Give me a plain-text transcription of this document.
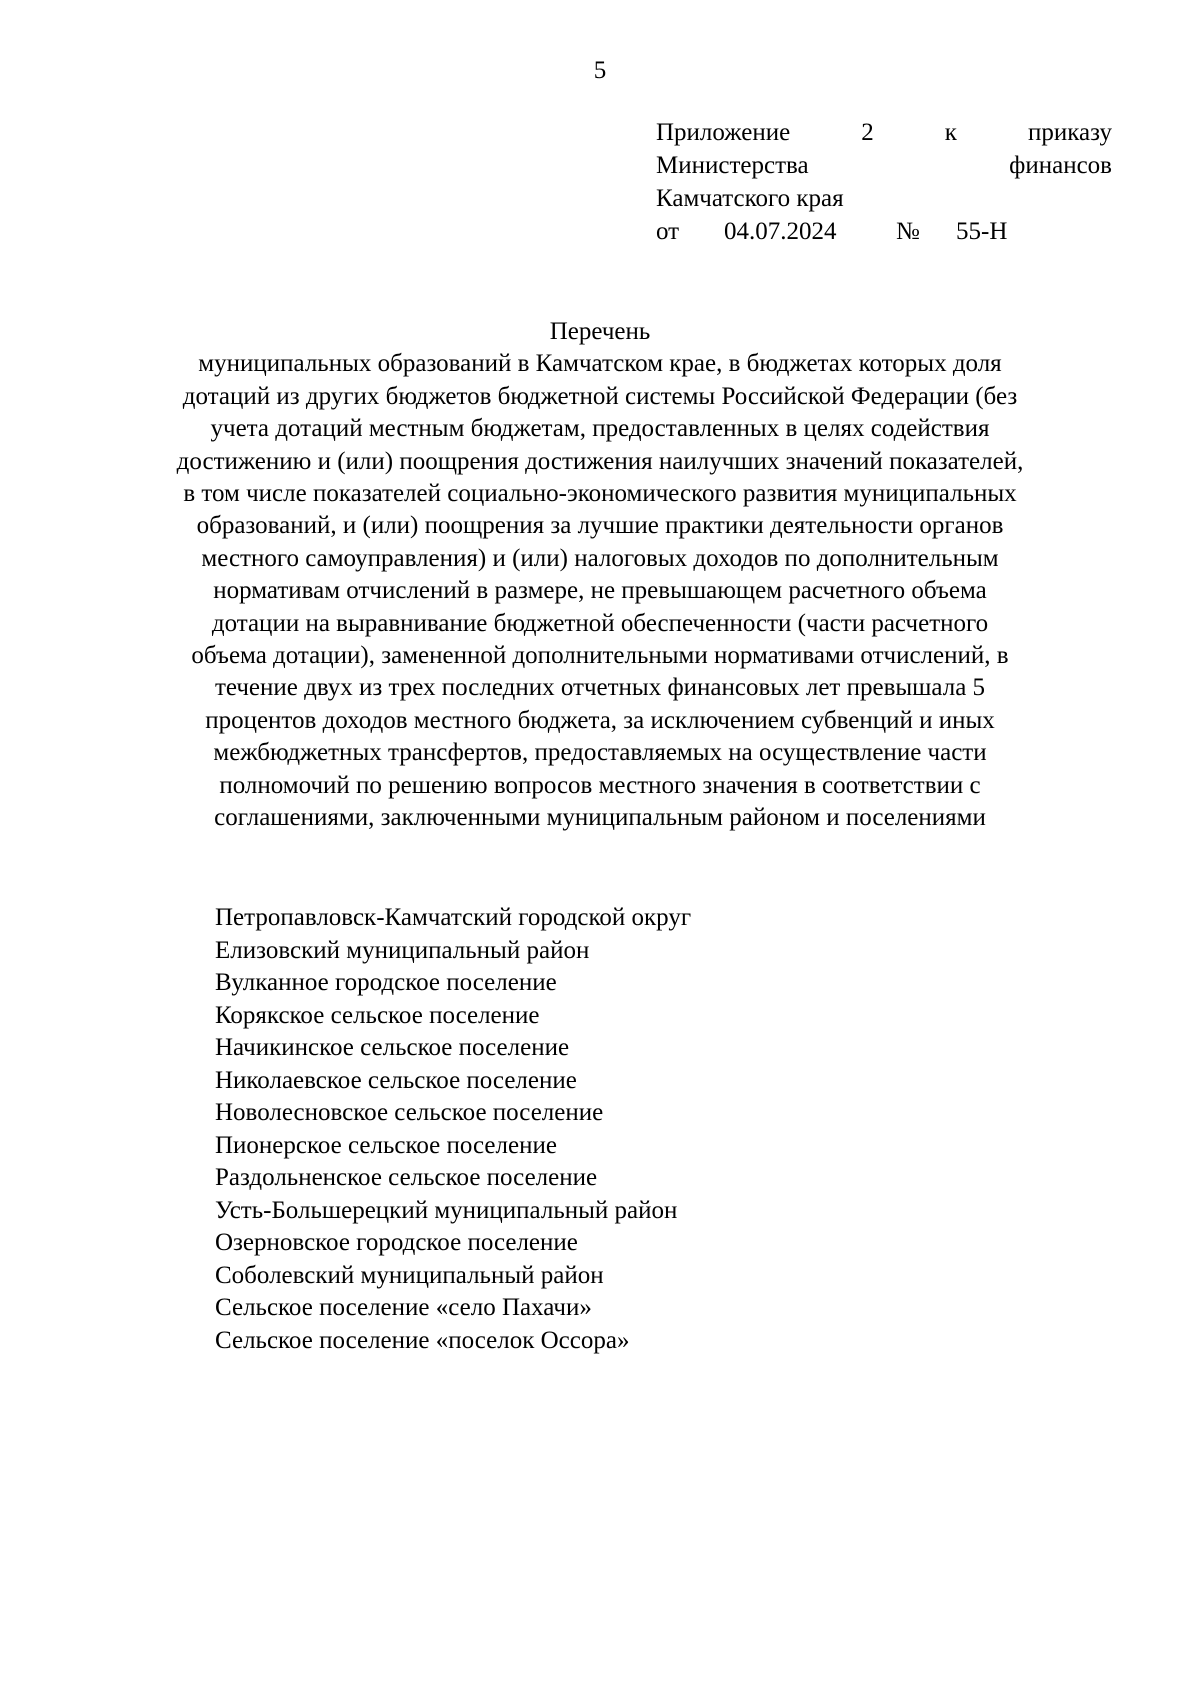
5
Приложение	2	к	приказу
Министерства	финансов
Камчатского края
от	04.07.2024	№	55-Н
Перечень
муниципальных образований в Камчатском крае, в бюджетах которых доля
дотаций из других бюджетов бюджетной системы Российской Федерации (без
учета дотаций местным бюджетам, предоставленных в целях содействия
достижению и (или) поощрения достижения наилучших значений показателей,
в том числе показателей социально-экономического развития муниципальных
образований, и (или) поощрения за лучшие практики деятельности органов
местного самоуправления) и (или) налоговых доходов по дополнительным
нормативам отчислений в размере, не превышающем расчетного объема
дотации на выравнивание бюджетной обеспеченности (части расчетного
объема дотации), замененной дополнительными нормативами отчислений, в
течение двух из трех последних отчетных финансовых лет превышала 5
процентов доходов местного бюджета, за исключением субвенций и иных
межбюджетных трансфертов, предоставляемых на осуществление части
полномочий по решению вопросов местного значения в соответствии с
соглашениями, заключенными муниципальным районом и поселениями
Петропавловск-Камчатский городской округ
Елизовский муниципальный район
Вулканное городское поселение
Корякское сельское поселение
Начикинское сельское поселение
Николаевское сельское поселение
Новолесновское сельское поселение
Пионерское сельское поселение
Раздольненское сельское поселение
Усть-Большерецкий муниципальный район
Озерновское городское поселение
Соболевский муниципальный район
Сельское поселение «село Пахачи»
Сельское поселение «поселок Оссора»
